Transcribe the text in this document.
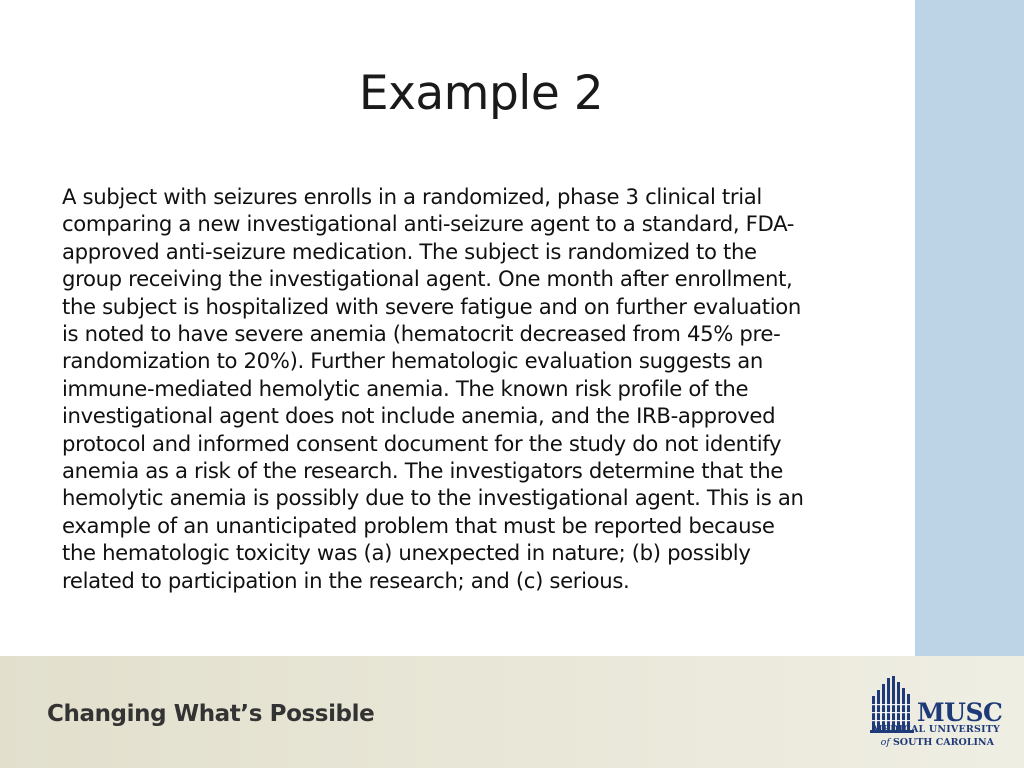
Example 2
A subject with seizures enrolls in a randomized, phase 3 clinical trial
comparing a new investigational anti-seizure agent to a standard, FDA-
approved anti-seizure medication. The subject is randomized to the
group receiving the investigational agent. One month after enrollment,
the subject is hospitalized with severe fatigue and on further evaluation
is noted to have severe anemia (hematocrit decreased from 45% pre-
randomization to 20%). Further hematologic evaluation suggests an
immune-mediated hemolytic anemia. The known risk profile of the
investigational agent does not include anemia, and the IRB-approved
protocol and informed consent document for the study do not identify
anemia as a risk of the research. The investigators determine that the
hemolytic anemia is possibly due to the investigational agent. This is an
example of an unanticipated problem that must be reported because
the hematologic toxicity was (a) unexpected in nature; (b) possibly
related to participation in the research; and (c) serious.
Changing What’s Possible	MUSC
MEDICAL UNIVERSITY
of SOUTH CAROLINA
